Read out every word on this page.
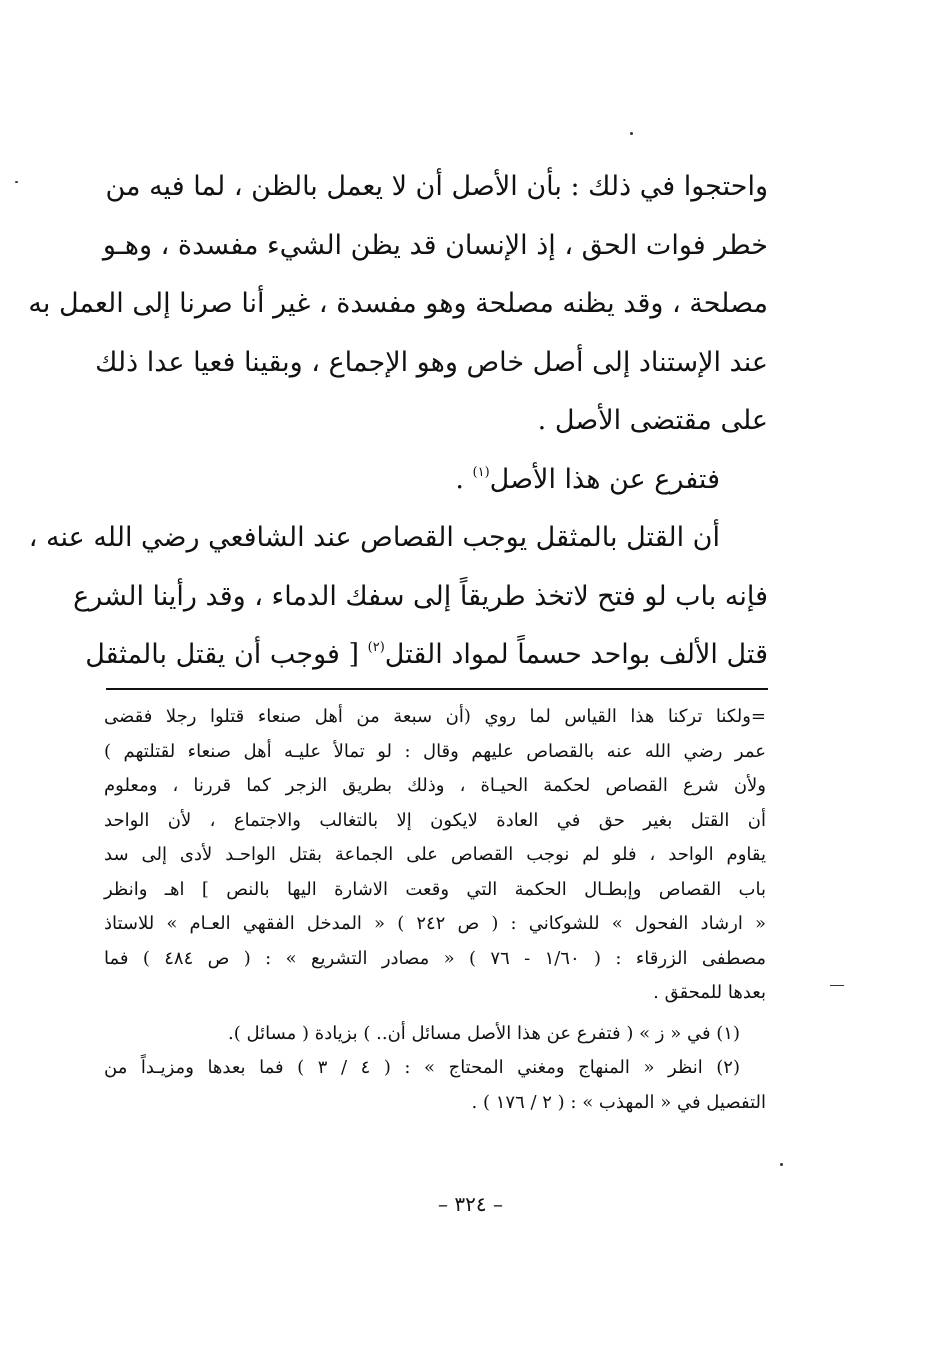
واحتجوا في ذلك : بأن الأصل أن لا يعمل بالظن ، لما فيه من
خطر فوات الحق ، إذ الإنسان قد يظن الشيء مفسدة ، وهـو
مصلحة ، وقد يظنه مصلحة وهو مفسدة ، غير أنا صرنا إلى العمل به
عند الإستناد إلى أصل خاص وهو الإجماع ، وبقينا فعيا عدا ذلك
على مقتضى الأصل .
فتفرع عن هذا الأصل$^{(١)}$ .
أن القتل بالمثقل يوجب القصاص عند الشافعي رضي الله عنه ،
فإنه باب لو فتح لاتخذ طريقاً إلى سفك الدماء ، وقد رأينا الشرع
قتل الألف بواحد حسماً لمواد القتل$^{(٢)}$ [ فوجب أن يقتل بالمثقل
=ولكنا تركنا هذا القياس لما روي (أن سبعة من أهل صنعاء قتلوا رجلا فقضى
عمر رضي الله عنه بالقصاص عليهم وقال : لو تمالأ عليـه أهل صنعاء لقتلتهم )
ولأن شرع القصاص لحكمة الحيـاة ، وذلك بطريق الزجر كما قررنا ، ومعلوم
أن القتل بغير حق في العادة لايكون إلا بالتغالب والاجتماع ، لأن الواحد
يقاوم الواحد ، فلو لم نوجب القصاص على الجماعة بقتل الواحـد لأدى إلى سد
باب القصاص وإبطـال الحكمة التي وقعت الاشارة اليها بالنص ] اهـ وانظر
« ارشاد الفحول » للشوكاني : ( ص ٢٤٢ ) « المدخل الفقهي العـام » للاستاذ
مصطفى الزرقاء : ( ١/٦٠ - ٧٦ ) « مصادر التشريع » : ( ص ٤٨٤ ) فما
بعدها للمحقق .
(١) في « ز » ( فتفرع عن هذا الأصل مسائل أن.. ) بزيادة ( مسائل ).
(٢) انظر « المنهاج ومغني المحتاج » : ( ٤ / ٣ ) فما بعدها ومزيـداً من
التفصيل في « المهذب » : ( ٢ / ١٧٦ ) .
– ٣٢٤ –
